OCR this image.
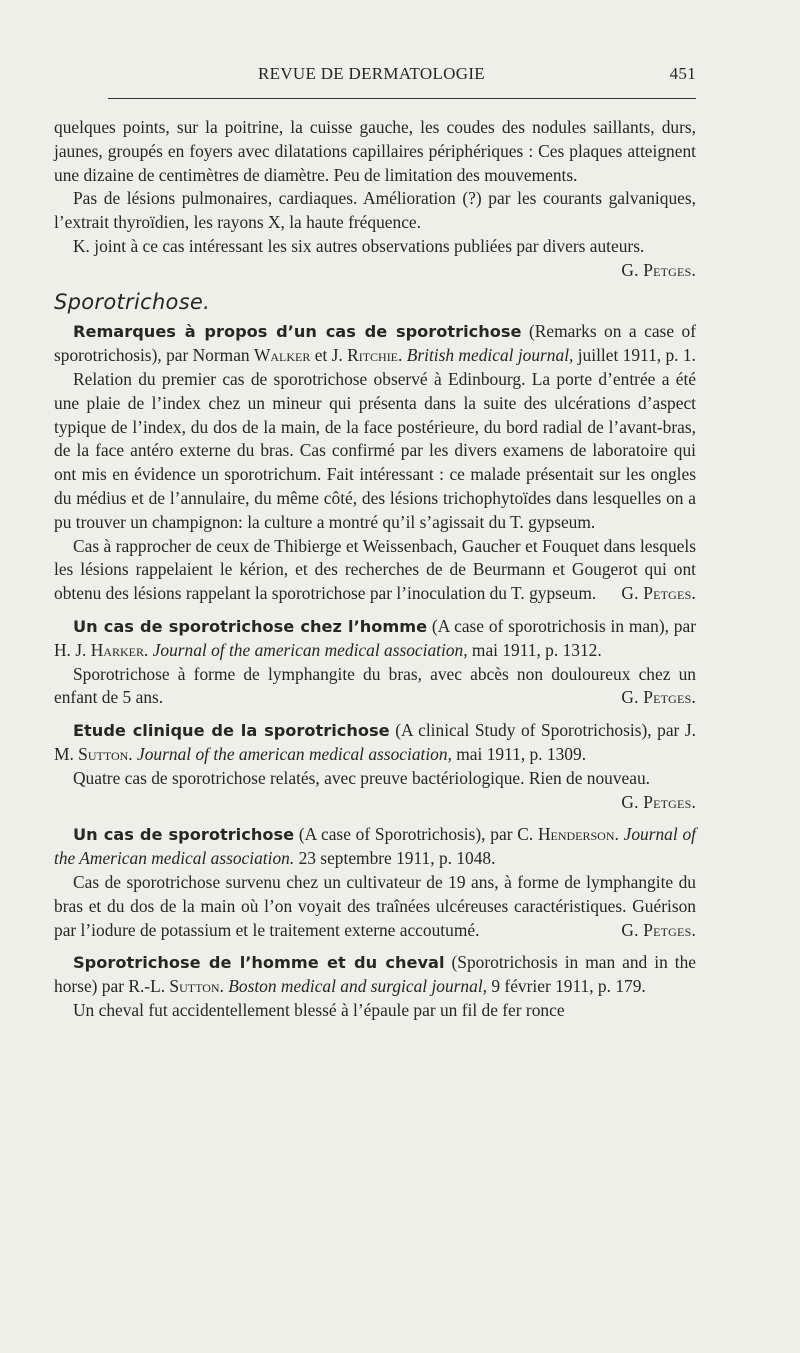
REVUE DE DERMATOLOGIE	451

quelques points, sur la poitrine, la cuisse gauche, les coudes des nodules saillants, durs, jaunes, groupés en foyers avec dilatations capillaires périphériques : Ces plaques atteignent une dizaine de centimètres de diamètre. Peu de limitation des mouvements.

Pas de lésions pulmonaires, cardiaques. Amélioration (?) par les courants galvaniques, l’extrait thyroïdien, les rayons X, la haute fréquence.

K. joint à ce cas intéressant les six autres observations publiées par divers auteurs.
G. Petges.

Sporotrichose.

Remarques à propos d’un cas de sporotrichose (Remarks on a case of sporotrichosis), par Norman Walker et J. Ritchie. British medical journal, juillet 1911, p. 1.

Relation du premier cas de sporotrichose observé à Edinbourg. La porte d’entrée a été une plaie de l’index chez un mineur qui présenta dans la suite des ulcérations d’aspect typique de l’index, du dos de la main, de la face postérieure, du bord radial de l’avant-bras, de la face antéro externe du bras. Cas confirmé par les divers examens de laboratoire qui ont mis en évidence un sporotrichum. Fait intéressant : ce malade présentait sur les ongles du médius et de l’annulaire, du même côté, des lésions trichophytoïdes dans lesquelles on a pu trouver un champignon: la culture a montré qu’il s’agissait du T. gypseum.

Cas à rapprocher de ceux de Thibierge et Weissenbach, Gaucher et Fouquet dans lesquels les lésions rappelaient le kérion, et des recherches de de Beurmann et Gougerot qui ont obtenu des lésions rappelant la sporotrichose par l’inoculation du T. gypseum.	G. Petges.

Un cas de sporotrichose chez l’homme (A case of sporotrichosis in man), par H. J. Harker. Journal of the american medical association, mai 1911, p. 1312.

Sporotrichose à forme de lymphangite du bras, avec abcès non douloureux chez un enfant de 5 ans.	G. Petges.

Etude clinique de la sporotrichose (A clinical Study of Sporotrichosis), par J. M. Sutton. Journal of the american medical association, mai 1911, p. 1309.

Quatre cas de sporotrichose relatés, avec preuve bactériologique. Rien de nouveau.
G. Petges.

Un cas de sporotrichose (A case of Sporotrichosis), par C. Henderson. Journal of the American medical association. 23 septembre 1911, p. 1048.

Cas de sporotrichose survenu chez un cultivateur de 19 ans, à forme de lymphangite du bras et du dos de la main où l’on voyait des traînées ulcéreuses caractéristiques. Guérison par l’iodure de potassium et le traitement externe accoutumé.	G. Petges.

Sporotrichose de l’homme et du cheval (Sporotrichosis in man and in the horse) par R.-L. Sutton. Boston medical and surgical journal, 9 février 1911, p. 179.

Un cheval fut accidentellement blessé à l’épaule par un fil de fer ronce
